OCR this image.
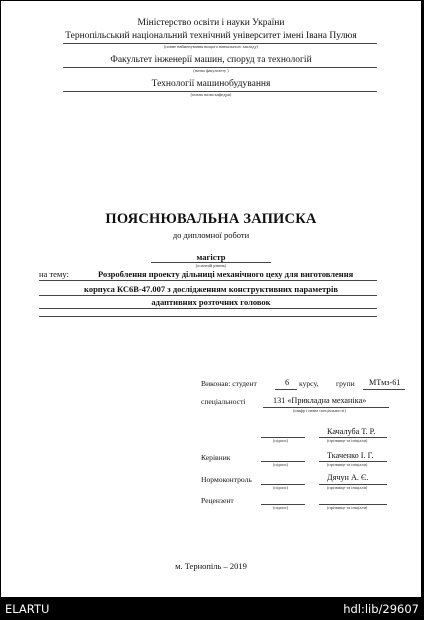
Міністерство освіти і науки України
Тернопільський національний технічний університет імені Івана Пулюя
(повне найменування вищого навчального закладу)
Факультет інженерії машин, споруд та технологій
(назва факультету )
Технології машинобудування
(повна назва кафедри)
ПОЯСНЮВАЛЬНА ЗАПИСКА
до дипломної роботи
магістр
(освітній рівень)
на тему:	Розроблення проекту дільниці механічного цеху для виготовлення
корпуса КС6В-47.007 з дослідженням конструктивних параметрів
адаптивних розточних головок
Виконав: студент	6 курсу, групи МТмз-61
спеціальності	131 «Прикладна механіка»
(шифр і назва спеціальності)
Качалуба Т. Р.
(підпис)	(прізвище та ініціали)
Керівник	Ткаченко І. Г.
(підпис)	(прізвище та ініціали)
Нормоконтроль	Дячун А. Є.
(підпис)	(прізвище та ініціали)
Рецензент
(підпис)	(прізвище та ініціали)
м. Тернопіль – 2019
ELARTU	hdl:lib/29607
